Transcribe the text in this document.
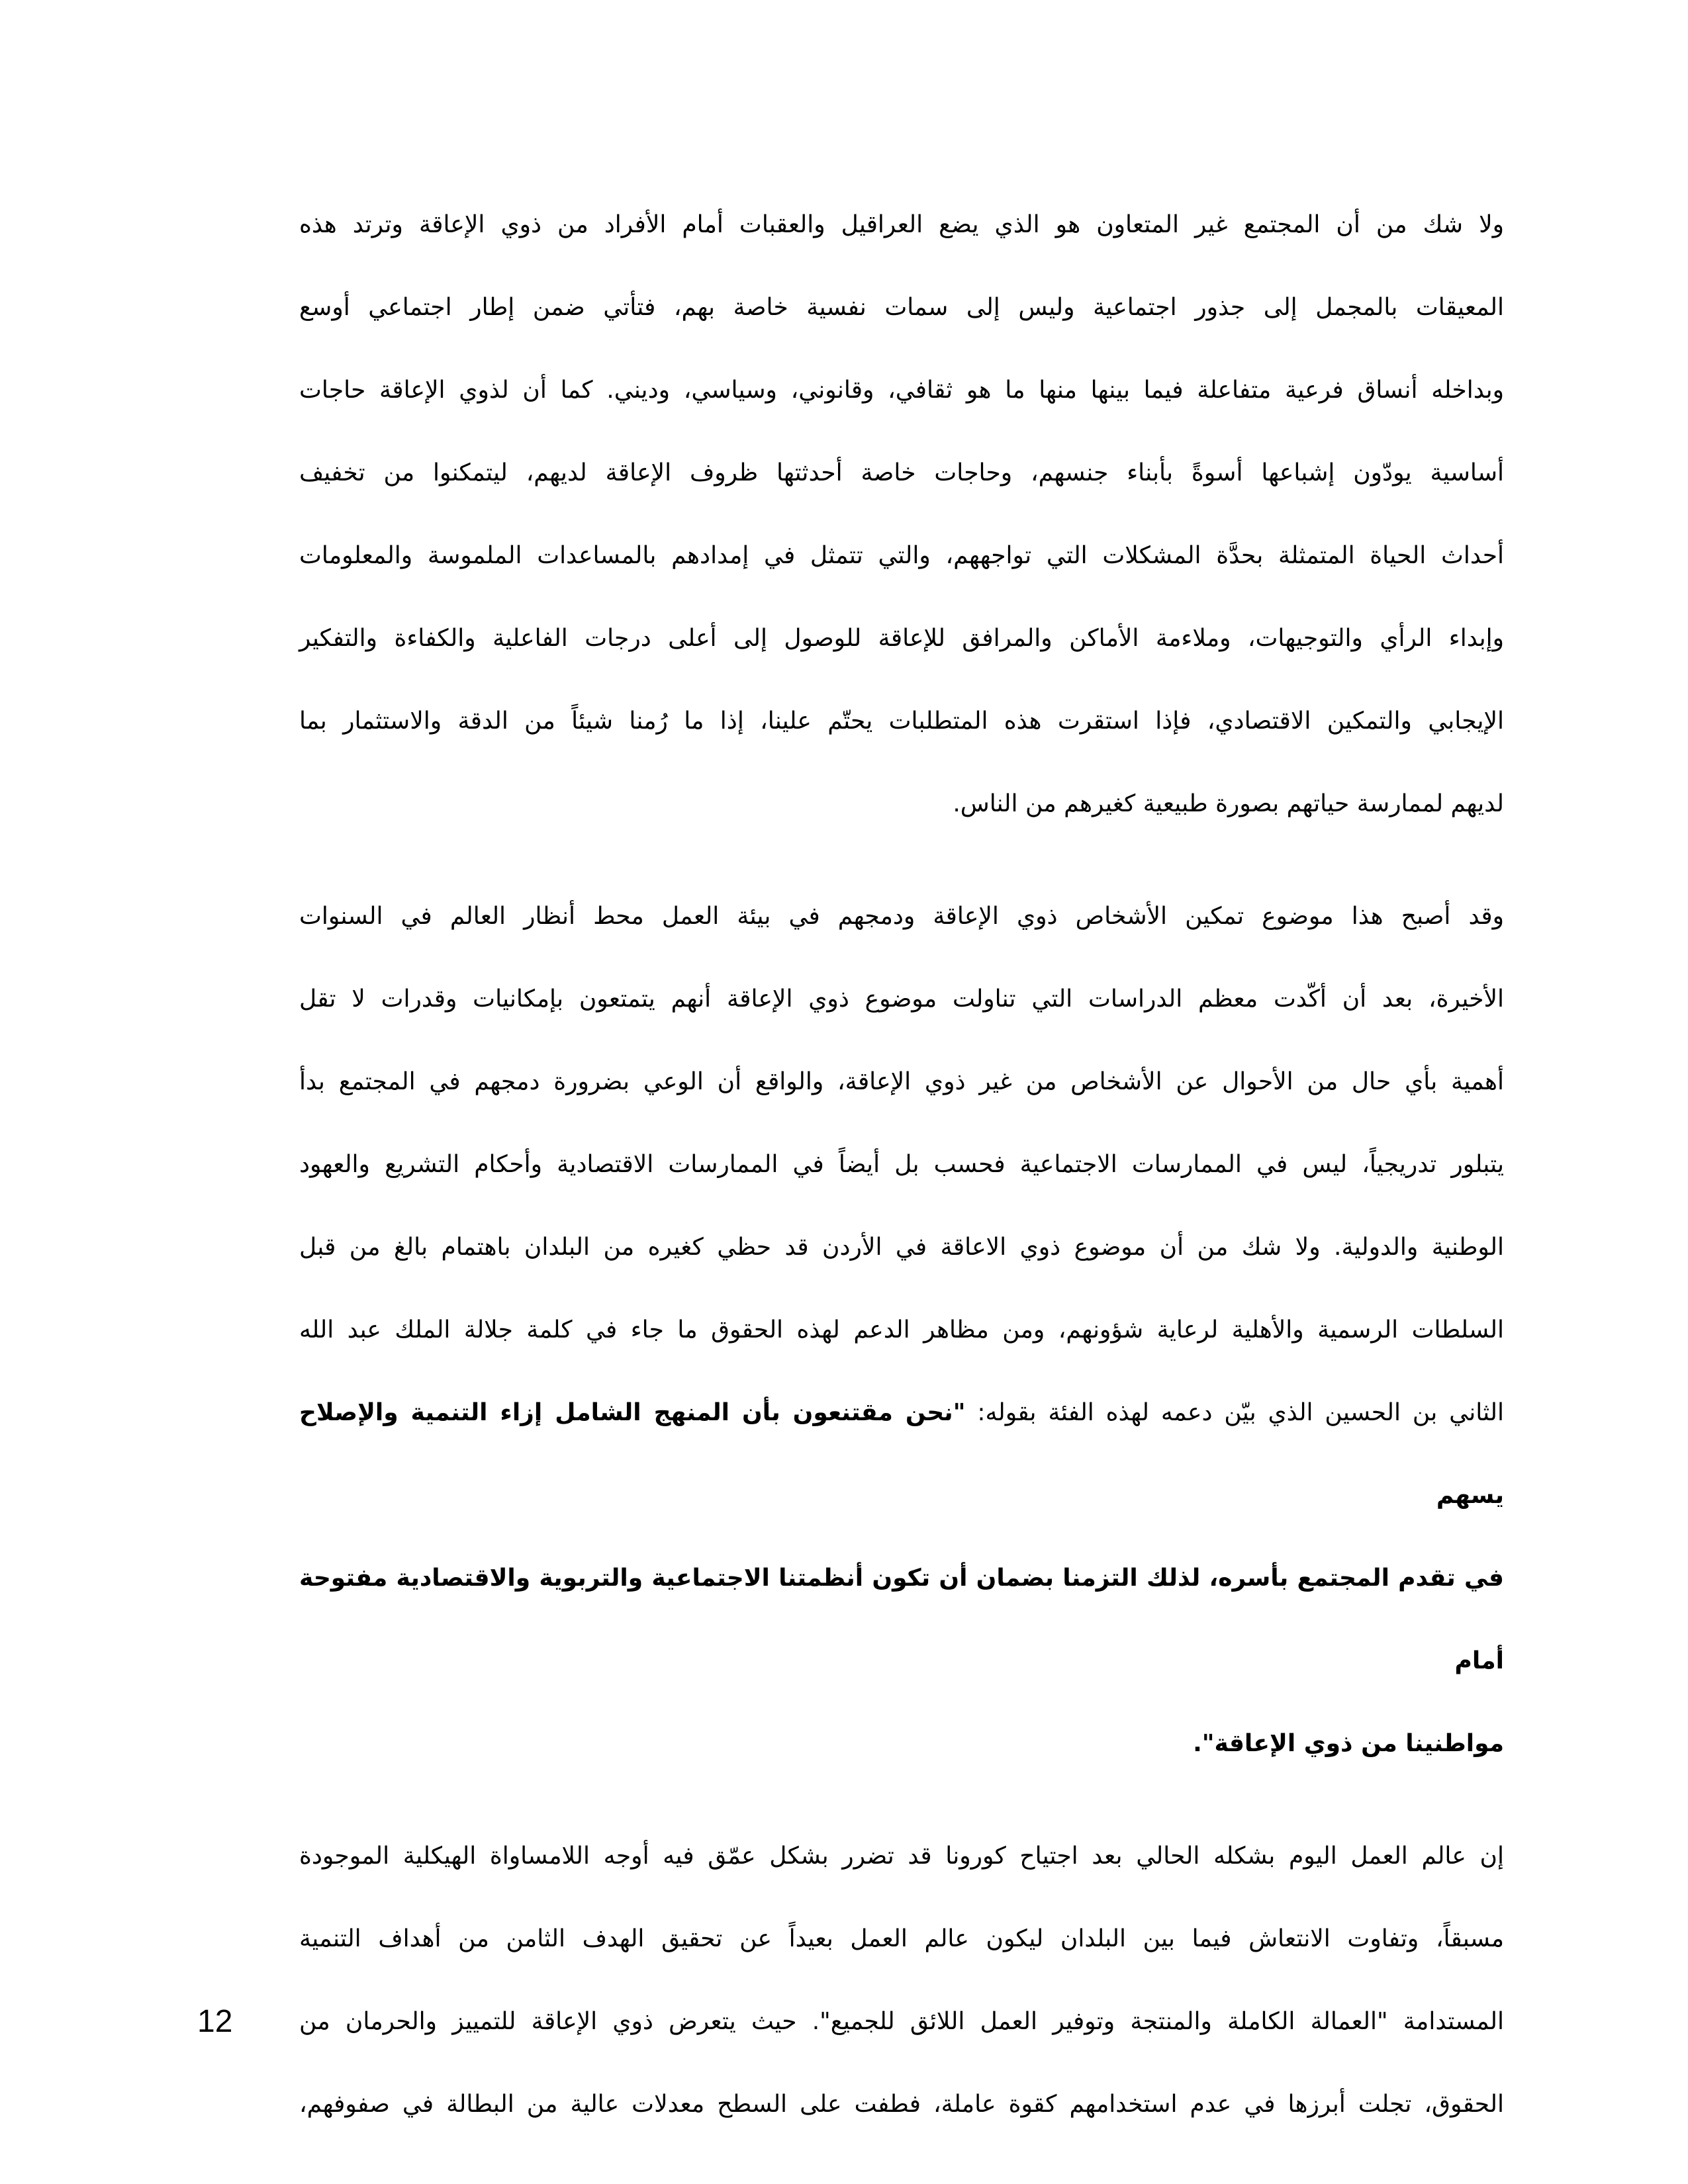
ولا شك من أن المجتمع غير المتعاون هو الذي يضع العراقيل والعقبات أمام الأفراد من ذوي الإعاقة وترتد هذه
المعيقات بالمجمل إلى جذور اجتماعية وليس إلى سمات نفسية خاصة بهم، فتأتي ضمن إطار اجتماعي أوسع
وبداخله أنساق فرعية متفاعلة فيما بينها منها ما هو ثقافي، وقانوني، وسياسي، وديني. كما أن لذوي الإعاقة حاجات
أساسية يودّون إشباعها أسوةً بأبناء جنسهم، وحاجات خاصة أحدثتها ظروف الإعاقة لديهم، ليتمكنوا من تخفيف
أحداث الحياة المتمثلة بحدَّة المشكلات التي تواجههم، والتي تتمثل في إمدادهم بالمساعدات الملموسة والمعلومات
وإبداء الرأي والتوجيهات، وملاءمة الأماكن والمرافق للإعاقة للوصول إلى أعلى درجات الفاعلية والكفاءة والتفكير
الإيجابي والتمكين الاقتصادي، فإذا استقرت هذه المتطلبات يحتّم علينا، إذا ما رُمنا شيئاً من الدقة والاستثمار بما
لديهم لممارسة حياتهم بصورة طبيعية كغيرهم من الناس.
وقد أصبح هذا موضوع تمكين الأشخاص ذوي الإعاقة ودمجهم في بيئة العمل محط أنظار العالم في السنوات
الأخيرة، بعد أن أكّدت معظم الدراسات التي تناولت موضوع ذوي الإعاقة أنهم يتمتعون بإمكانيات وقدرات لا تقل
أهمية بأي حال من الأحوال عن الأشخاص من غير ذوي الإعاقة، والواقع أن الوعي بضرورة دمجهم في المجتمع بدأ
يتبلور تدريجياً، ليس في الممارسات الاجتماعية فحسب بل أيضاً في الممارسات الاقتصادية وأحكام التشريع والعهود
الوطنية والدولية. ولا شك من أن موضوع ذوي الاعاقة في الأردن قد حظي كغيره من البلدان باهتمام بالغ من قبل
السلطات الرسمية والأهلية لرعاية شؤونهم، ومن مظاهر الدعم لهذه الحقوق ما جاء في كلمة جلالة الملك عبد الله
الثاني بن الحسين الذي بيّن دعمه لهذه الفئة بقوله: "نحن مقتنعون بأن المنهج الشامل إزاء التنمية والإصلاح يسهم
في تقدم المجتمع بأسره، لذلك التزمنا بضمان أن تكون أنظمتنا الاجتماعية والتربوية والاقتصادية مفتوحة أمام
مواطنينا من ذوي الإعاقة".
إن عالم العمل اليوم بشكله الحالي بعد اجتياح كورونا قد تضرر بشكل عمّق فيه أوجه اللامساواة الهيكلية الموجودة
مسبقاً، وتفاوت الانتعاش فيما بين البلدان ليكون عالم العمل بعيداً عن تحقيق الهدف الثامن من أهداف التنمية
المستدامة "العمالة الكاملة والمنتجة وتوفير العمل اللائق للجميع". حيث يتعرض ذوي الإعاقة للتمييز والحرمان من
الحقوق، تجلت أبرزها في عدم استخدامهم كقوة عاملة، فطفت على السطح معدلات عالية من البطالة في صفوفهم،
12
